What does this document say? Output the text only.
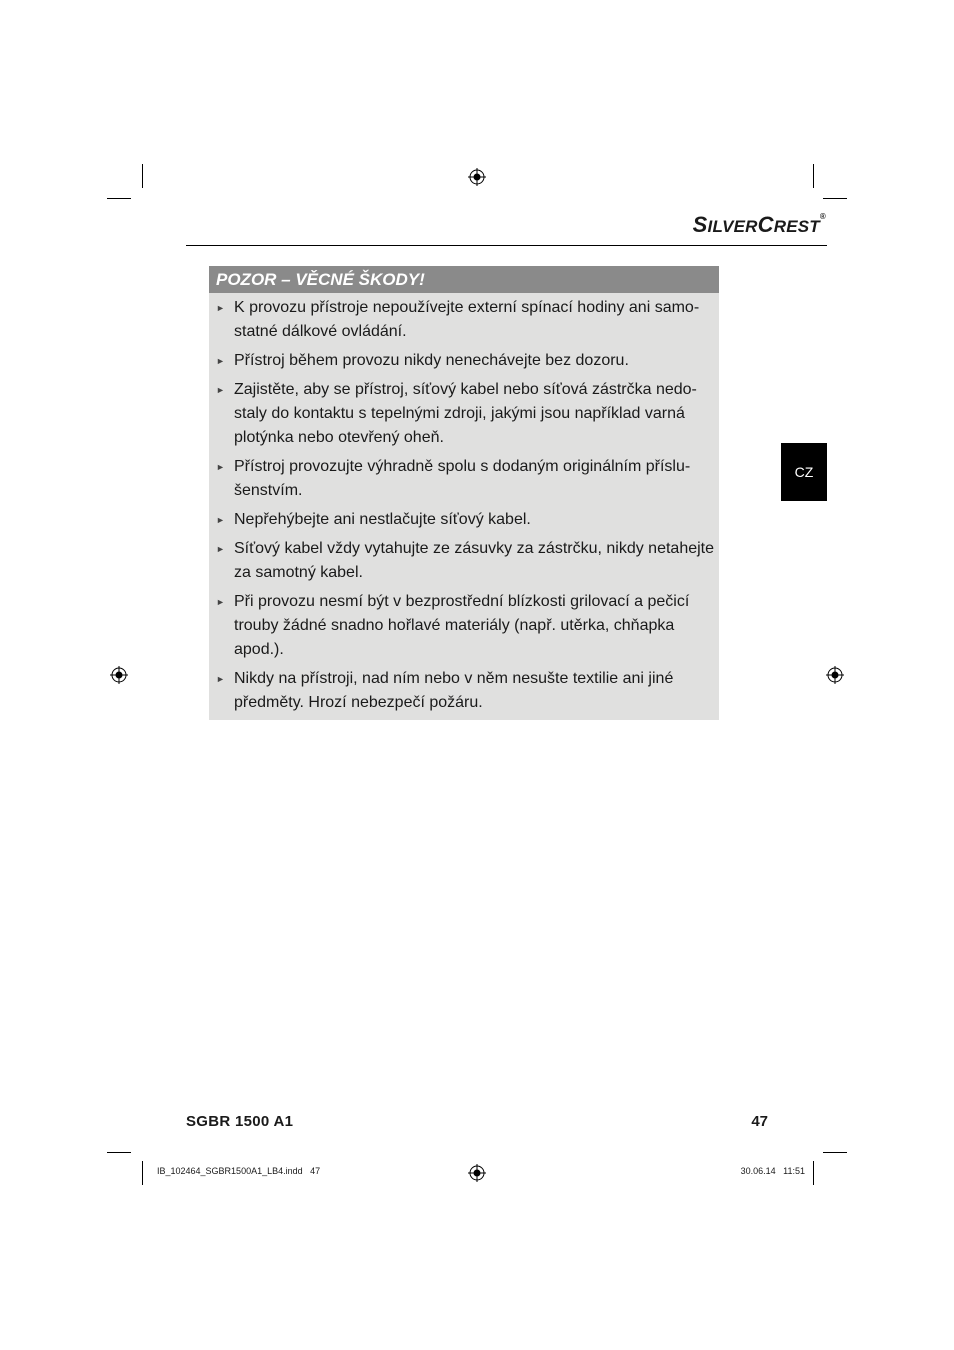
SILVERCREST®
POZOR – VĚCNÉ ŠKODY!
► K provozu přístroje nepoužívejte externí spínací hodiny ani samo-statné dálkové ovládání.
► Přístroj během provozu nikdy nenechávejte bez dozoru.
► Zajistěte, aby se přístroj, síťový kabel nebo síťová zástrčka nedo-staly do kontaktu s tepelnými zdroji, jakými jsou například varná plotýnka nebo otevřený oheň.
► Přístroj provozujte výhradně spolu s dodaným originálním příslu-šenstvím.
► Nepřehýbejte ani nestlačujte síťový kabel.
► Síťový kabel vždy vytahujte ze zásuvky za zástrčku, nikdy netahejte za samotný kabel.
► Při provozu nesmí být v bezprostřední blízkosti grilovací a pečicí trouby žádné snadno hořlavé materiály (např. utěrka, chňapka apod.).
► Nikdy na přístroji, nad ním nebo v něm nesušte textilie ani jiné předměty. Hrozí nebezpečí požáru.
CZ
SGBR 1500 A1	47
IB_102464_SGBR1500A1_LB4.indd   47	30.06.14   11:51
